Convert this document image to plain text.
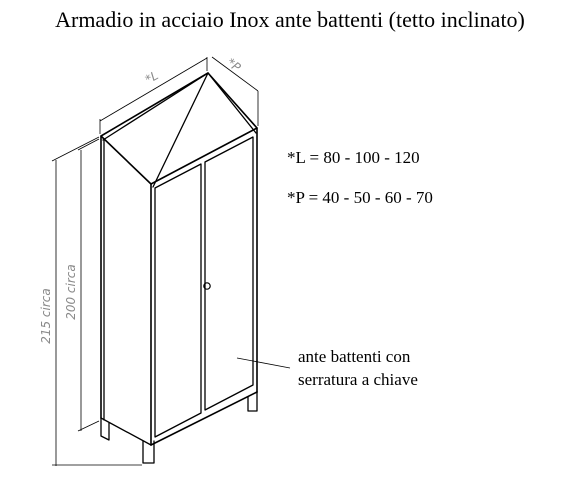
Armadio in acciaio Inox ante battenti (tetto inclinato)
*L = 80 - 100 - 120
*P = 40 - 50 - 60 - 70
ante battenti con
serratura a chiave
*L
*P
215 circa 200 circa
